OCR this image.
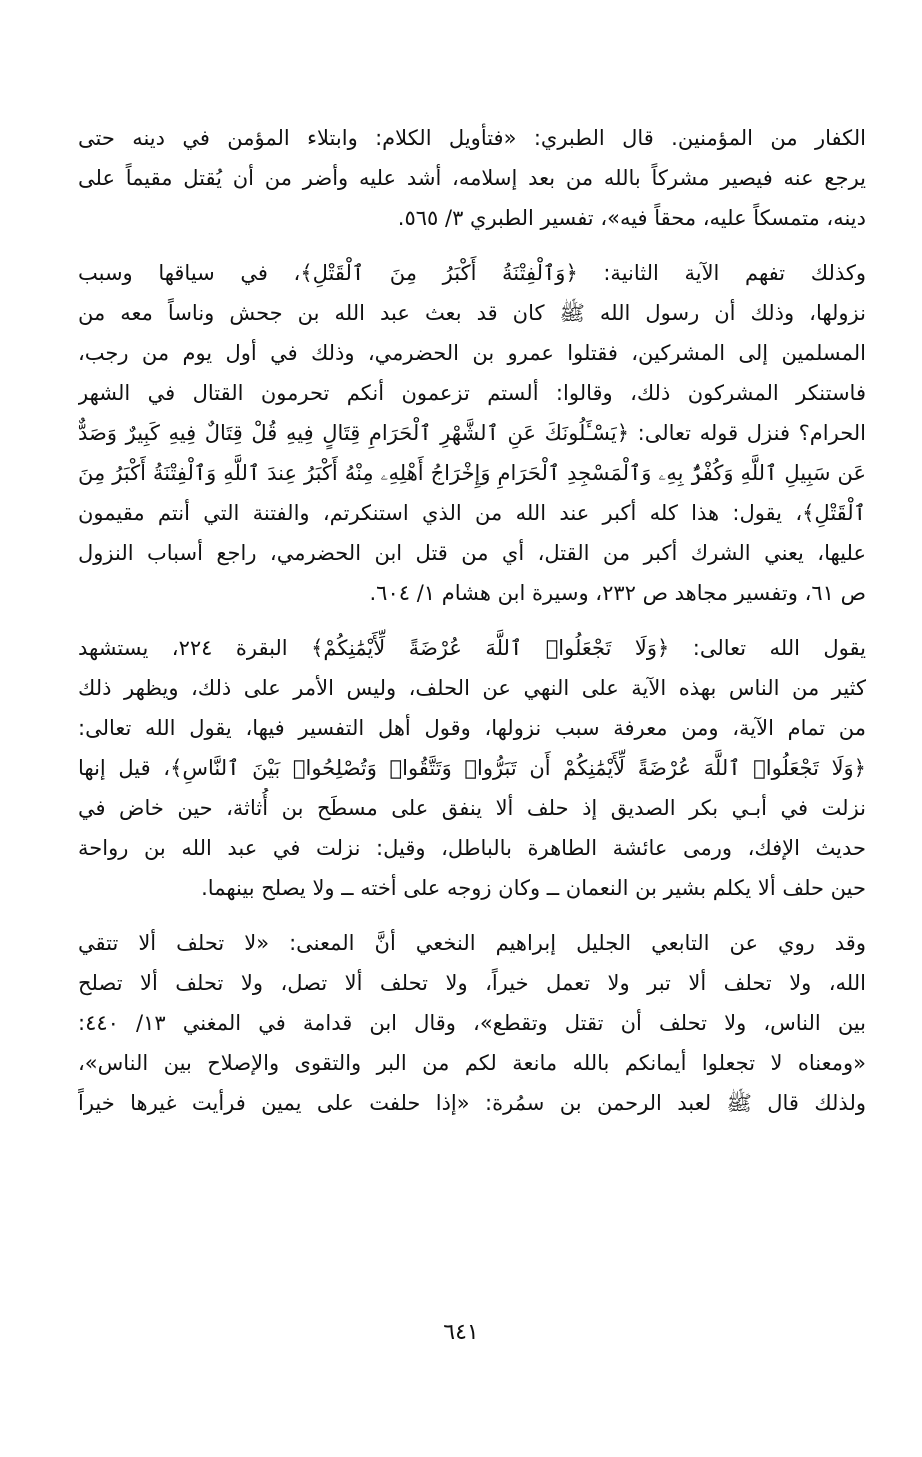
الكفار من المؤمنين. قال الطبري: «فتأويل الكلام: وابتلاء المؤمن في دينه حتى
يرجع عنه فيصير مشركاً بالله من بعد إسلامه، أشد عليه وأضر من أن يُقتل مقيماً على
دينه، متمسكاً عليه، محقاً فيه»، تفسير الطبري ٣/ ٥٦٥.

وكذلك تفهم الآية الثانية: ﴿وَٱلْفِتْنَةُ أَكْبَرُ مِنَ ٱلْقَتْلِ﴾، في سياقها وسبب
نزولها، وذلك أن رسول الله ﷺ كان قد بعث عبد الله بن جحش وناساً معه من
المسلمين إلى المشركين، فقتلوا عمرو بن الحضرمي، وذلك في أول يوم من رجب،
فاستنكر المشركون ذلك، وقالوا: ألستم تزعمون أنكم تحرمون القتال في الشهر
الحرام؟ فنزل قوله تعالى: ﴿يَسْـَٔلُونَكَ عَنِ ٱلشَّهْرِ ٱلْحَرَامِ قِتَالٍ فِيهِ قُلْ قِتَالٌ فِيهِ كَبِيرٌ وَصَدٌّ
عَن سَبِيلِ ٱللَّهِ وَكُفْرٌۢ بِهِۦ وَٱلْمَسْجِدِ ٱلْحَرَامِ وَإِخْرَاجُ أَهْلِهِۦ مِنْهُ أَكْبَرُ عِندَ ٱللَّهِ وَٱلْفِتْنَةُ أَكْبَرُ مِنَ
ٱلْقَتْلِ﴾، يقول: هذا كله أكبر عند الله من الذي استنكرتم، والفتنة التي أنتم مقيمون
عليها، يعني الشرك أكبر من القتل، أي من قتل ابن الحضرمي، راجع أسباب النزول
ص ٦١، وتفسير مجاهد ص ٢٣٢، وسيرة ابن هشام ١/ ٦٠٤.

يقول الله تعالى: ﴿وَلَا تَجْعَلُوا۟ ٱللَّهَ عُرْضَةً لِّأَيْمَٰنِكُمْ﴾ البقرة ٢٢٤، يستشهد
كثير من الناس بهذه الآية على النهي عن الحلف، وليس الأمر على ذلك، ويظهر ذلك
من تمام الآية، ومن معرفة سبب نزولها، وقول أهل التفسير فيها، يقول الله تعالى:
﴿وَلَا تَجْعَلُوا۟ ٱللَّهَ عُرْضَةً لِّأَيْمَٰنِكُمْ أَن تَبَرُّوا۟ وَتَتَّقُوا۟ وَتُصْلِحُوا۟ بَيْنَ ٱلنَّاسِ﴾، قيل إنها
نزلت في أبـي بكر الصديق إذ حلف ألا ينفق على مسطَح بن أُثاثة، حين خاض في
حديث الإفك، ورمى عائشة الطاهرة بالباطل، وقيل: نزلت في عبد الله بن رواحة
حين حلف ألا يكلم بشير بن النعمان ــ وكان زوجه على أخته ــ ولا يصلح بينهما.

وقد روي عن التابعي الجليل إبراهيم النخعي أنَّ المعنى: «لا تحلف ألا تتقي
الله، ولا تحلف ألا تبر ولا تعمل خيراً، ولا تحلف ألا تصل، ولا تحلف ألا تصلح
بين الناس، ولا تحلف أن تقتل وتقطع»، وقال ابن قدامة في المغني ١٣/ ٤٤٠:
«ومعناه لا تجعلوا أيمانكم بالله مانعة لكم من البر والتقوى والإصلاح بين الناس»،
ولذلك قال ﷺ لعبد الرحمن بن سمُرة: «إذا حلفت على يمين فرأيت غيرها خيراً

٦٤١
